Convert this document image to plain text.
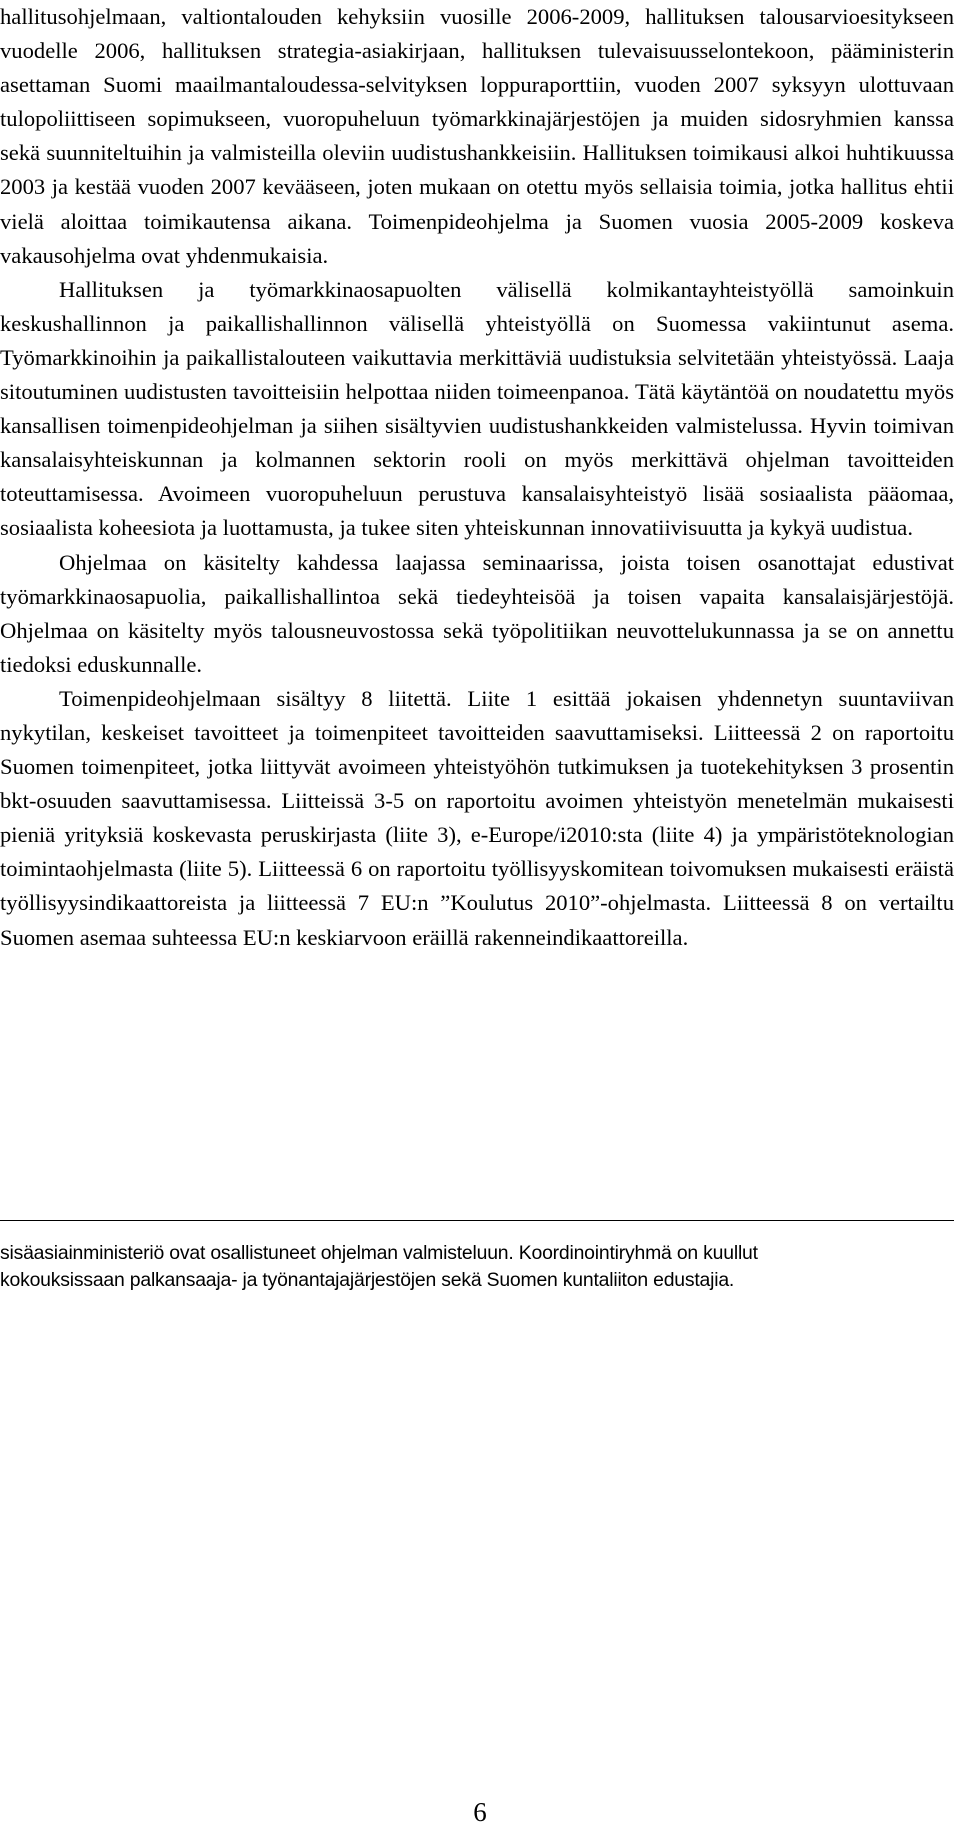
hallitusohjelmaan, valtiontalouden kehyksiin vuosille 2006-2009, hallituksen talousarvioesitykseen vuodelle 2006, hallituksen strategia-asiakirjaan, hallituksen tulevaisuusselontekoon, pääministerin asettaman Suomi maailmantaloudessa-selvityksen loppuraporttiin, vuoden 2007 syksyyn ulottuvaan tulopoliittiseen sopimukseen, vuoropuheluun työmarkkinajärjestöjen ja muiden sidosryhmien kanssa sekä suunniteltuihin ja valmisteilla oleviin uudistushankkeisiin. Hallituksen toimikausi alkoi huhtikuussa 2003 ja kestää vuoden 2007 kevääseen, joten mukaan on otettu myös sellaisia toimia, jotka hallitus ehtii vielä aloittaa toimikautensa aikana. Toimenpideohjelma ja Suomen vuosia 2005-2009 koskeva vakausohjelma ovat yhdenmukaisia.

Hallituksen ja työmarkkinaosapuolten välisellä kolmikantayhteistyöllä samoinkuin keskushallinnon ja paikallishallinnon välisellä yhteistyöllä on Suomessa vakiintunut asema. Työmarkkinoihin ja paikallistalouteen vaikuttavia merkittäviä uudistuksia selvitetään yhteistyössä. Laaja sitoutuminen uudistusten tavoitteisiin helpottaa niiden toimeenpanoa. Tätä käytäntöä on noudatettu myös kansallisen toimenpideohjelman ja siihen sisältyvien uudistushankkeiden valmistelussa. Hyvin toimivan kansalaisyhteiskunnan ja kolmannen sektorin rooli on myös merkittävä ohjelman tavoitteiden toteuttamisessa. Avoimeen vuoropuheluun perustuva kansalaisyhteistyö lisää sosiaalista pääomaa, sosiaalista koheesiota ja luottamusta, ja tukee siten yhteiskunnan innovatiivisuutta ja kykyä uudistua.

Ohjelmaa on käsitelty kahdessa laajassa seminaarissa, joista toisen osanottajat edustivat työmarkkinaosapuolia, paikallishallintoa sekä tiedeyhteisöä ja toisen vapaita kansalaisjärjestöjä. Ohjelmaa on käsitelty myös talousneuvostossa sekä työpolitiikan neuvottelukunnassa ja se on annettu tiedoksi eduskunnalle.

Toimenpideohjelmaan sisältyy 8 liitettä. Liite 1 esittää jokaisen yhdennetyn suuntaviivan nykytilan, keskeiset tavoitteet ja toimenpiteet tavoitteiden saavuttamiseksi. Liitteessä 2 on raportoitu Suomen toimenpiteet, jotka liittyvät avoimeen yhteistyöhön tutkimuksen ja tuotekehityksen 3 prosentin bkt-osuuden saavuttamisessa. Liitteissä 3-5 on raportoitu avoimen yhteistyön menetelmän mukaisesti pieniä yrityksiä koskevasta peruskirjasta (liite 3), e-Europe/i2010:sta (liite 4) ja ympäristöteknologian toimintaohjelmasta (liite 5). Liitteessä 6 on raportoitu työllisyyskomitean toivomuksen mukaisesti eräistä työllisyysindikaattoreista ja liitteessä 7 EU:n ”Koulutus 2010”-ohjelmasta. Liitteessä 8 on vertailtu Suomen asemaa suhteessa EU:n keskiarvoon eräillä rakenneindikaattoreilla.

sisäasiainministeriö ovat osallistuneet ohjelman valmisteluun. Koordinointiryhmä on kuullut kokouksissaan palkansaaja- ja työnantajajärjestöjen sekä Suomen kuntaliiton edustajia.

6
